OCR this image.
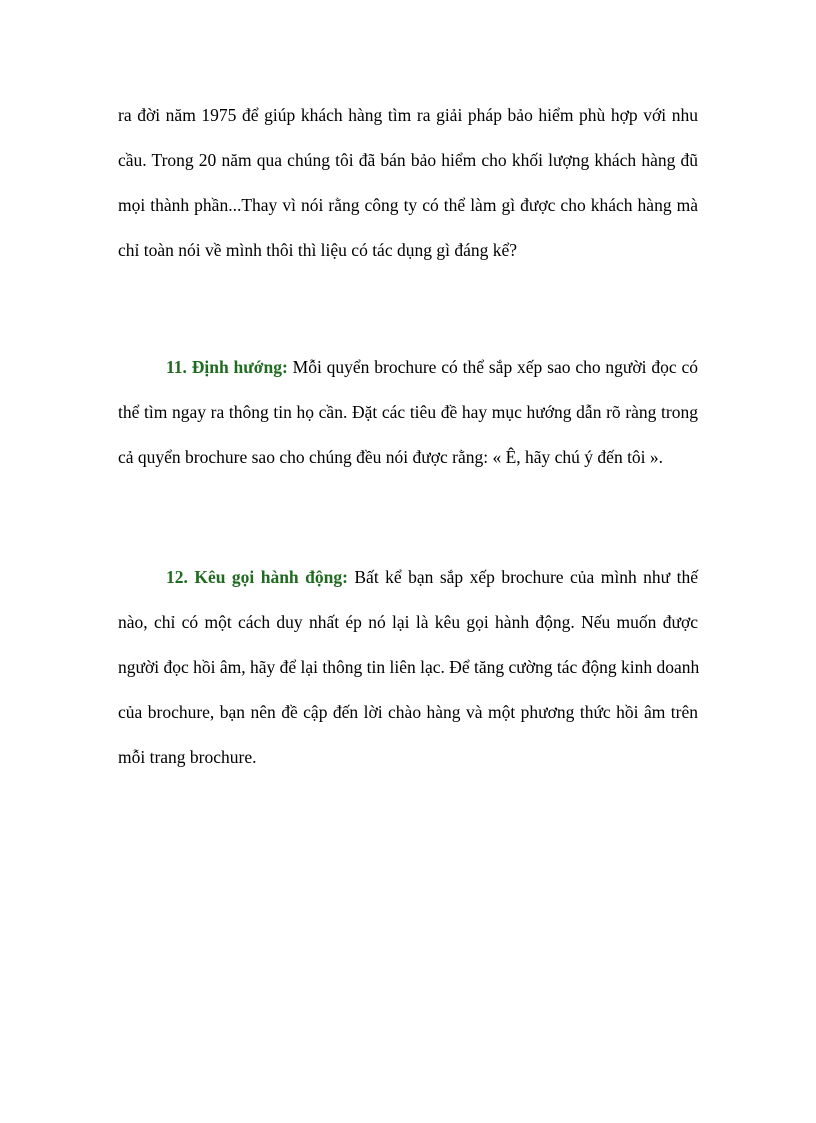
ra đời năm 1975 để giúp khách hàng tìm ra giải pháp bảo hiểm phù hợp với nhu
cầu. Trong 20 năm qua chúng tôi đã bán bảo hiểm cho khối lượng khách hàng đũ
mọi thành phần...Thay vì nói rằng công ty có thể làm gì được cho khách hàng mà
chỉ toàn nói về mình thôi thì liệu có tác dụng gì đáng kể?

11. Định hướng: Mỗi quyển brochure có thể sắp xếp sao cho người đọc có
thể tìm ngay ra thông tin họ cần. Đặt các tiêu đề hay mục hướng dẫn rõ ràng trong
cả quyển brochure sao cho chúng đều nói được rằng: « Ê, hãy chú ý đến tôi ».

12. Kêu gọi hành động: Bất kể bạn sắp xếp brochure của mình như thế
nào, chỉ có một cách duy nhất ép nó lại là kêu gọi hành động. Nếu muốn được
người đọc hồi âm, hãy để lại thông tin liên lạc. Để tăng cường tác động kinh doanh
của brochure, bạn nên đề cập đến lời chào hàng và một phương thức hồi âm trên
mỗi trang brochure.
